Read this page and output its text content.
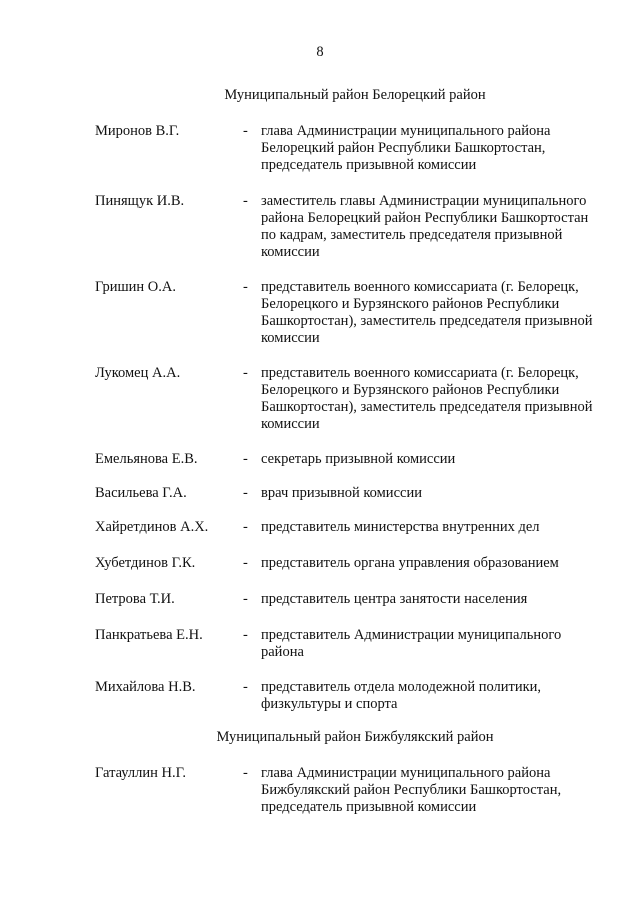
8
Муниципальный район Белорецкий район
Миронов В.Г.	- глава Администрации муниципального района Белорецкий район Республики Башкортостан, председатель призывной комиссии
Пинящук И.В.	- заместитель главы Администрации муниципального района Белорецкий район Республики Башкортостан по кадрам, заместитель председателя призывной комиссии
Гришин О.А.	- представитель военного комиссариата (г. Белорецк, Белорецкого и Бурзянского районов Республики Башкортостан), заместитель председателя призывной комиссии
Лукомец А.А.	- представитель военного комиссариата (г. Белорецк, Белорецкого и Бурзянского районов Республики Башкортостан), заместитель председателя призывной комиссии
Емельянова Е.В.	- секретарь призывной комиссии
Васильева Г.А.	- врач призывной комиссии
Хайретдинов А.Х.	- представитель министерства внутренних дел
Хубетдинов Г.К.	- представитель органа управления образованием
Петрова Т.И.	- представитель центра занятости населения
Панкратьева Е.Н.	- представитель Администрации муниципального района
Михайлова Н.В.	- представитель отдела молодежной политики, физкультуры и спорта
Муниципальный район Бижбулякский район
Гатауллин Н.Г.	- глава Администрации муниципального района Бижбулякский район Республики Башкортостан, председатель призывной комиссии
